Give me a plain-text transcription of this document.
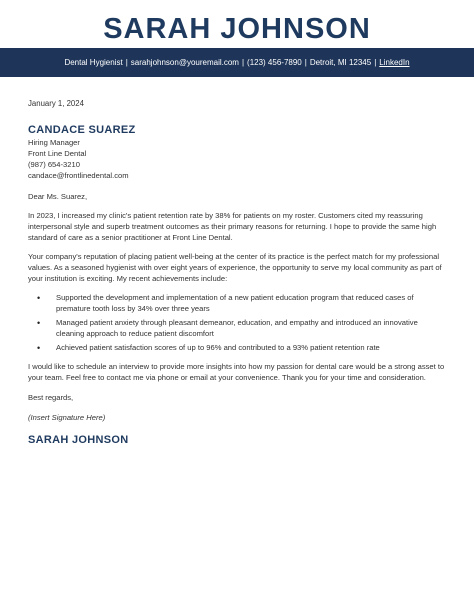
SARAH JOHNSON
Dental Hygienist | sarahjohnson@youremail.com | (123) 456-7890 | Detroit, MI 12345 | LinkedIn
January 1, 2024
CANDACE SUAREZ
Hiring Manager
Front Line Dental
(987) 654-3210
candace@frontlinedental.com
Dear Ms. Suarez,

In 2023, I increased my clinic's patient retention rate by 38% for patients on my roster. Customers cited my reassuring interpersonal style and superb treatment outcomes as their primary reasons for returning. I hope to provide the same high standard of care as a senior practitioner at Front Line Dental.

Your company's reputation of placing patient well-being at the center of its practice is the perfect match for my professional values. As a seasoned hygienist with over eight years of experience, the opportunity to serve my local community as part of your institution is exciting. My recent achievements include:

• Supported the development and implementation of a new patient education program that reduced cases of premature tooth loss by 34% over three years
• Managed patient anxiety through pleasant demeanor, education, and empathy and introduced an innovative cleaning approach to reduce patient discomfort
• Achieved patient satisfaction scores of up to 96% and contributed to a 93% patient retention rate

I would like to schedule an interview to provide more insights into how my passion for dental care would be a strong asset to your team. Feel free to contact me via phone or email at your convenience. Thank you for your time and consideration.

Best regards,
(Insert Signature Here)
SARAH JOHNSON
